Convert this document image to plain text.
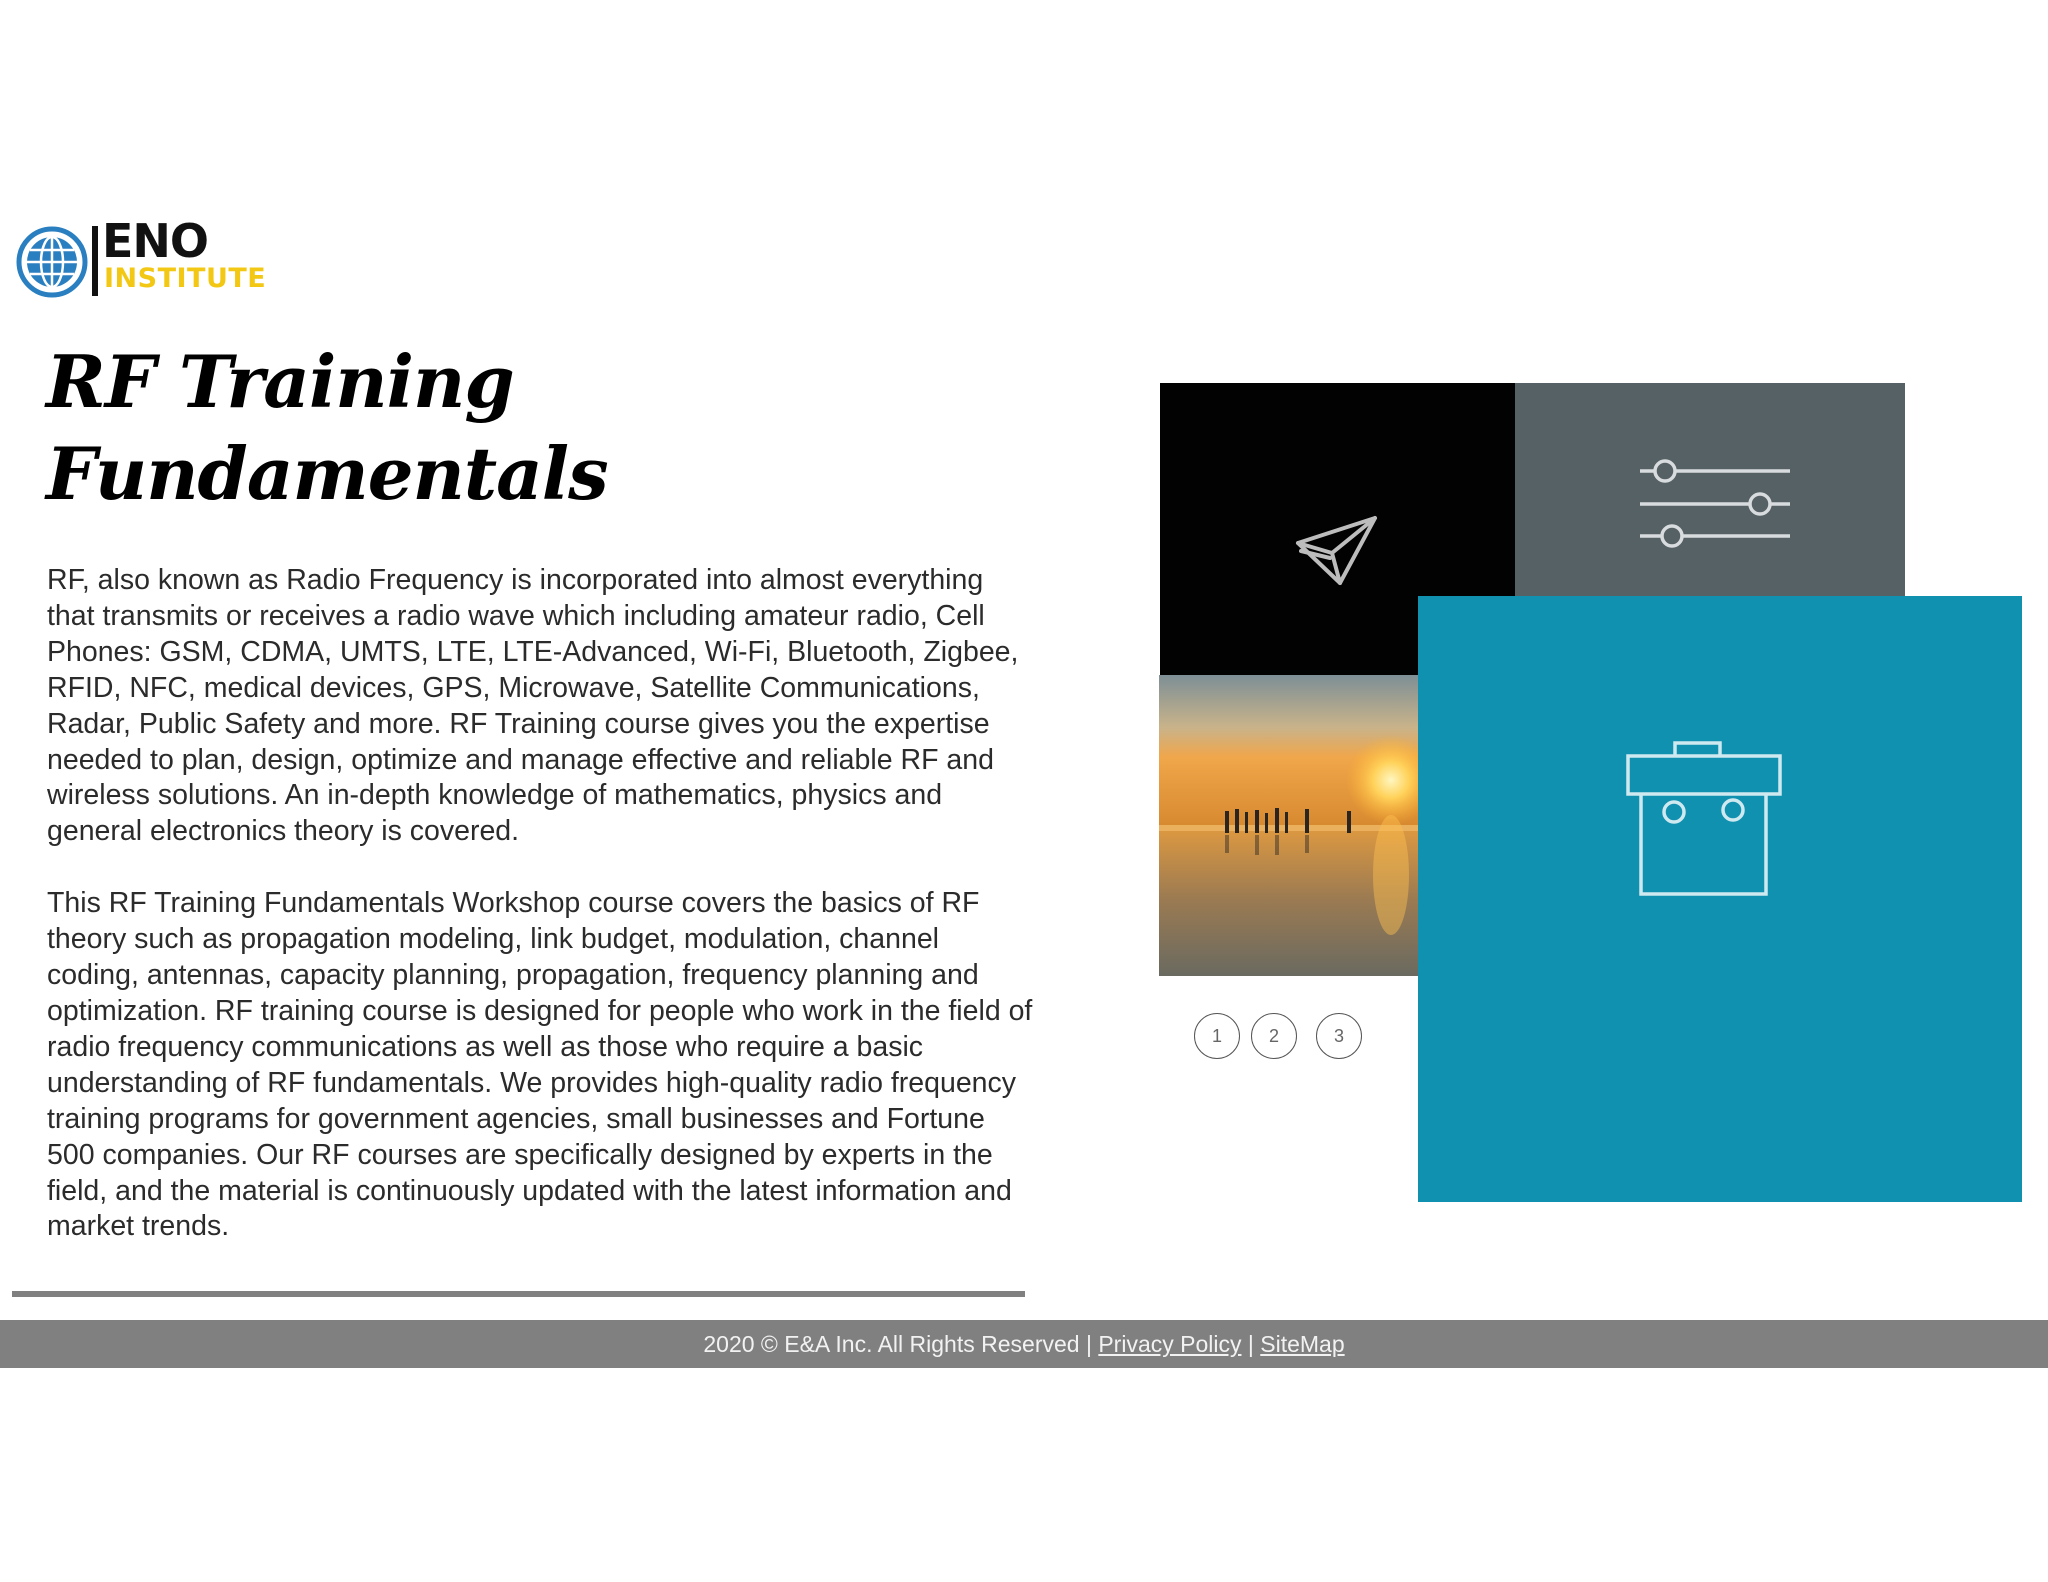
ENO
INSTITUTE
RF Training
Fundamentals

RF, also known as Radio Frequency is incorporated into almost everything that transmits or receives a radio wave which including amateur radio, Cell Phones: GSM, CDMA, UMTS, LTE, LTE-Advanced, Wi-Fi, Bluetooth, Zigbee, RFID, NFC, medical devices, GPS, Microwave, Satellite Communications, Radar, Public Safety and more. RF Training course gives you the expertise needed to plan, design, optimize and manage effective and reliable RF and wireless solutions. An in-depth knowledge of mathematics, physics and general electronics theory is covered.

This RF Training Fundamentals Workshop course covers the basics of RF theory such as propagation modeling, link budget, modulation, channel coding, antennas, capacity planning, propagation, frequency planning and optimization. RF training course is designed for people who work in the field of radio frequency communications as well as those who require a basic understanding of RF fundamentals. We provides high-quality radio frequency training programs for government agencies, small businesses and Fortune 500 companies. Our RF courses are specifically designed by experts in the field, and the material is continuously updated with the latest information and market trends.

1	2	3
2020 © E&A Inc. All Rights Reserved | Privacy Policy | SiteMap
